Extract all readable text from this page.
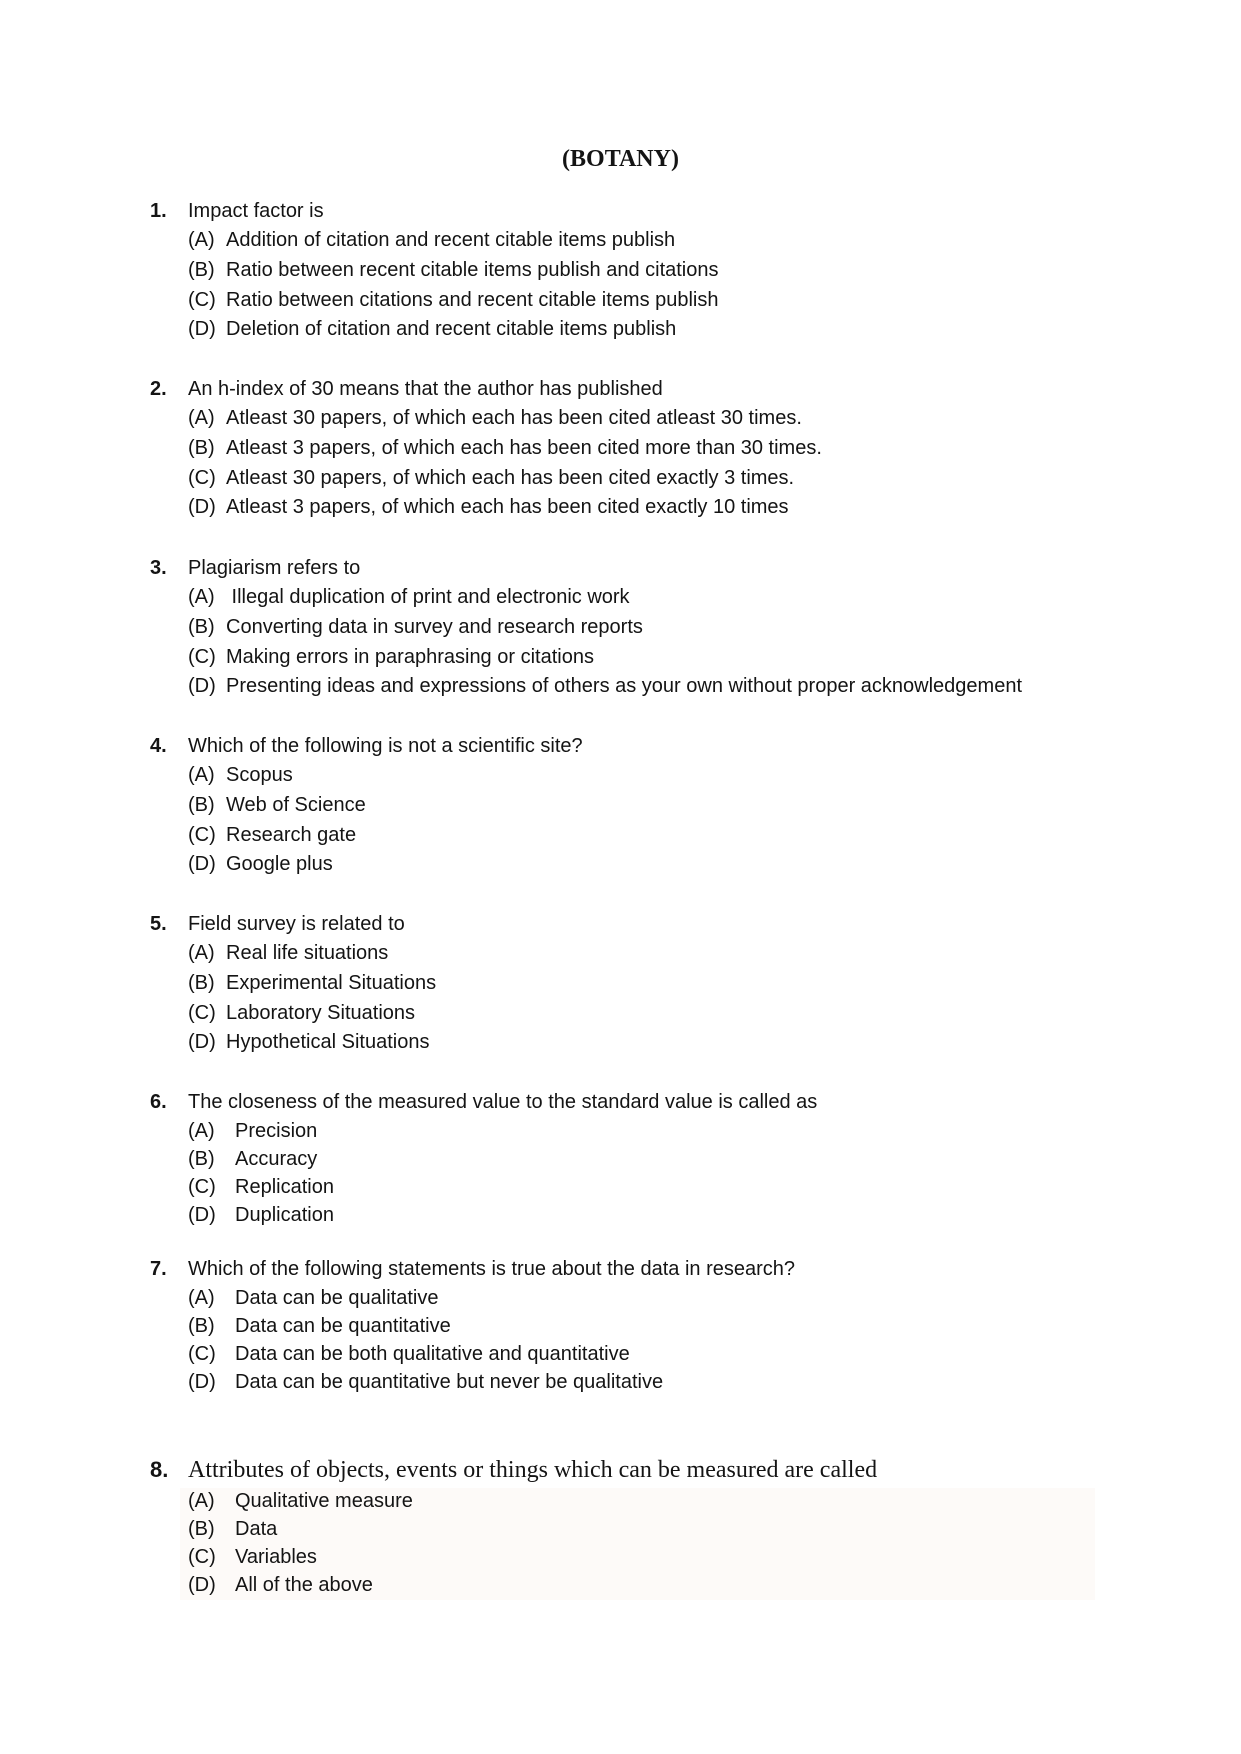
(BOTANY)
1.	Impact factor is
(A) Addition of citation and recent citable items publish
(B) Ratio between recent citable items publish and citations
(C) Ratio between citations and recent citable items publish
(D) Deletion of citation and recent citable items publish
2.	An h-index of 30 means that the author has published
(A) Atleast 30 papers, of which each has been cited atleast 30 times.
(B) Atleast 3 papers, of which each has been cited more than 30 times.
(C) Atleast 30 papers, of which each has been cited exactly 3 times.
(D) Atleast 3 papers, of which each has been cited exactly 10 times
3.	Plagiarism refers to
(A) Illegal duplication of print and electronic work
(B) Converting data in survey and research reports
(C) Making errors in paraphrasing or citations
(D) Presenting ideas and expressions of others as your own without proper acknowledgement
4.	Which of the following is not a scientific site?
(A) Scopus
(B) Web of Science
(C) Research gate
(D) Google plus
5.	Field survey is related to
(A) Real life situations
(B) Experimental Situations
(C) Laboratory Situations
(D) Hypothetical Situations
6.	The closeness of the measured value to the standard value is called as
(A)	Precision
(B)	Accuracy
(C) Replication
(D) Duplication
7.	Which of the following statements is true about the data in research?
(A)	Data can be qualitative
(B)	Data can be quantitative
(C) Data can be both qualitative and quantitative
(D) Data can be quantitative but never be qualitative
8. Attributes of objects, events or things which can be measured are called
(A)	Qualitative measure
(B)	Data
(C) Variables
(D) All of the above
